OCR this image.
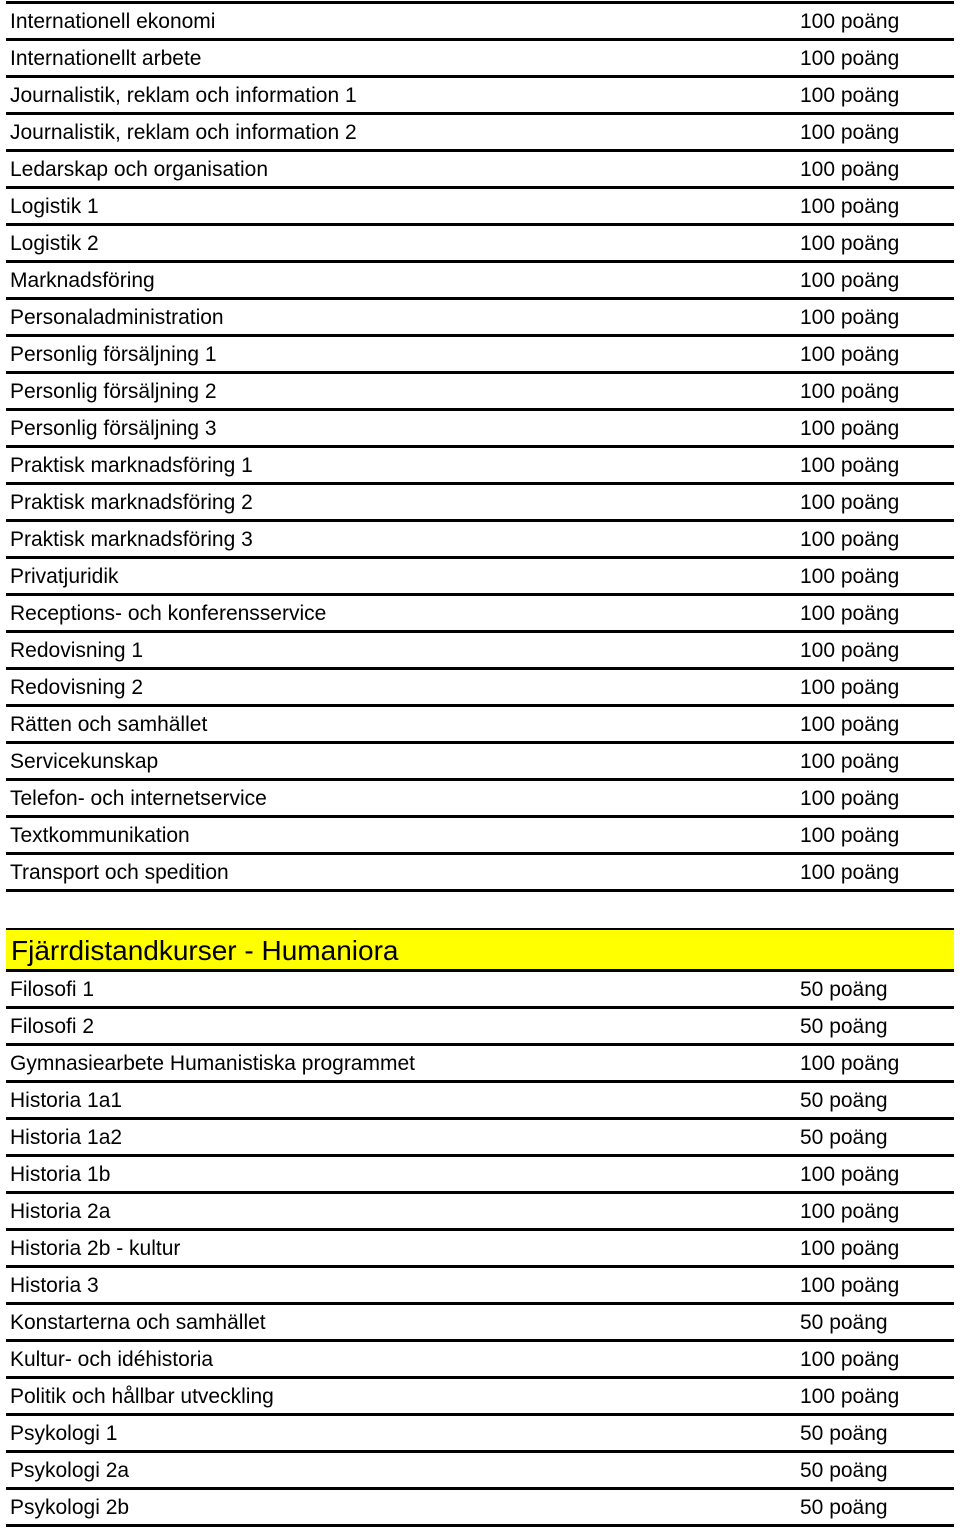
Internationell ekonomi	100 poäng
Internationellt arbete	100 poäng
Journalistik, reklam och information 1	100 poäng
Journalistik, reklam och information 2	100 poäng
Ledarskap och organisation	100 poäng
Logistik 1	100 poäng
Logistik 2	100 poäng
Marknadsföring	100 poäng
Personaladministration	100 poäng
Personlig försäljning 1	100 poäng
Personlig försäljning 2	100 poäng
Personlig försäljning 3	100 poäng
Praktisk marknadsföring 1	100 poäng
Praktisk marknadsföring 2	100 poäng
Praktisk marknadsföring 3	100 poäng
Privatjuridik	100 poäng
Receptions- och konferensservice	100 poäng
Redovisning 1	100 poäng
Redovisning 2	100 poäng
Rätten och samhället	100 poäng
Servicekunskap	100 poäng
Telefon- och internetservice	100 poäng
Textkommunikation	100 poäng
Transport och spedition	100 poäng
Fjärrdistandkurser - Humaniora
Filosofi 1	50 poäng
Filosofi 2	50 poäng
Gymnasiearbete Humanistiska programmet	100 poäng
Historia 1a1	50 poäng
Historia 1a2	50 poäng
Historia 1b	100 poäng
Historia 2a	100 poäng
Historia 2b - kultur	100 poäng
Historia 3	100 poäng
Konstarterna och samhället	50 poäng
Kultur- och idéhistoria	100 poäng
Politik och hållbar utveckling	100 poäng
Psykologi 1	50 poäng
Psykologi 2a	50 poäng
Psykologi 2b	50 poäng
